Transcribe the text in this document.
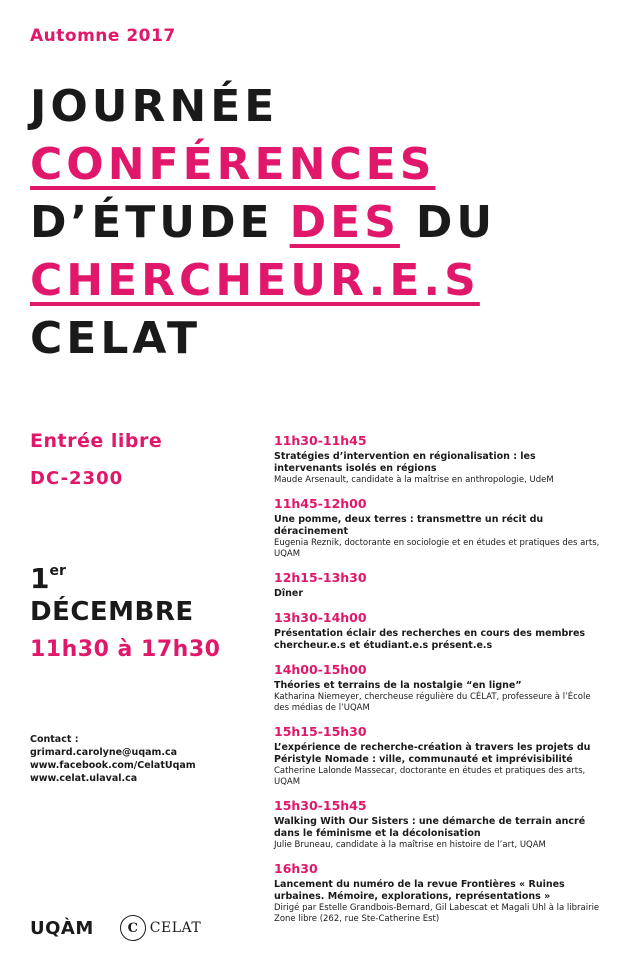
Automne 2017
JOURNÉE
CONFÉRENCES
D’ÉTUDE DES DU
CHERCHEUR.E.S
CELAT
Entrée libre
DC-2300
1er
DÉCEMBRE
11h30 à 17h30
Contact :
grimard.carolyne@uqam.ca
www.facebook.com/CelatUqam
www.celat.ulaval.ca
UQÀM	C CELAT
11h30-11h45
Stratégies d’intervention en régionalisation : les intervenants isolés en régions
Maude Arsenault, candidate à la maîtrise en anthropologie, UdeM
11h45-12h00
Une pomme, deux terres : transmettre un récit du déracinement
Eugenia Reznik, doctorante en sociologie et en études et pratiques des arts, UQAM
12h15-13h30
Dîner
13h30-14h00
Présentation éclair des recherches en cours des membres chercheur.e.s et étudiant.e.s présent.e.s
14h00-15h00
Théories et terrains de la nostalgie “en ligne”
Katharina Niemeyer, chercheuse régulière du CÉLAT, professeure à l’École des médias de l’UQAM
15h15-15h30
L’expérience de recherche-création à travers les projets du Péristyle Nomade : ville, communauté et imprévisibilité
Catherine Lalonde Massecar, doctorante en études et pratiques des arts, UQAM
15h30-15h45
Walking With Our Sisters : une démarche de terrain ancré dans le féminisme et la décolonisation
Julie Bruneau, candidate à la maîtrise en histoire de l’art, UQAM
16h30
Lancement du numéro de la revue Frontières « Ruines urbaines. Mémoire, explorations, représentations »
Dirigé par Estelle Grandbois-Bernard, Gil Labescat et Magali Uhl à la librairie Zone libre (262, rue Ste-Catherine Est)
